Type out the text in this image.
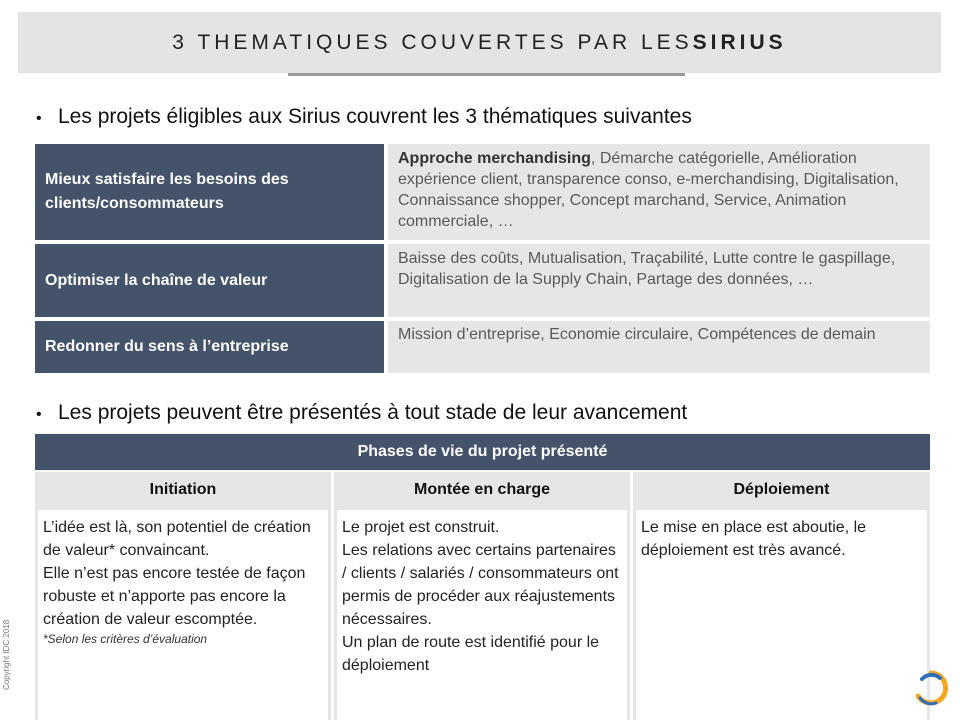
3 THEMATIQUES COUVERTES PAR LES SIRIUS
• Les projets éligibles aux Sirius couvrent les 3 thématiques suivantes
Mieux satisfaire les besoins des clients/consommateurs
Approche merchandising, Démarche catégorielle, Amélioration expérience client, transparence conso, e-merchandising, Digitalisation, Connaissance shopper, Concept marchand, Service, Animation commerciale, …
Optimiser la chaîne de valeur
Baisse des coûts, Mutualisation, Traçabilité, Lutte contre le gaspillage, Digitalisation de la Supply Chain, Partage des données, …
Redonner du sens à l’entreprise
Mission d’entreprise, Economie circulaire, Compétences de demain
• Les projets peuvent être présentés à tout stade de leur avancement
Phases de vie du projet présenté
Initiation
L’idée est là, son potentiel de création de valeur* convaincant.
Elle n’est pas encore testée de façon robuste et n’apporte pas encore la création de valeur escomptée.
*Selon les critères d’évaluation
Montée en charge
Le projet est construit.
Les relations avec certains partenaires / clients / salariés / consommateurs ont permis de procéder aux réajustements nécessaires.
Un plan de route est identifié pour le déploiement
Déploiement
Le mise en place est aboutie, le déploiement est très avancé.
Copyright IDC 2018
